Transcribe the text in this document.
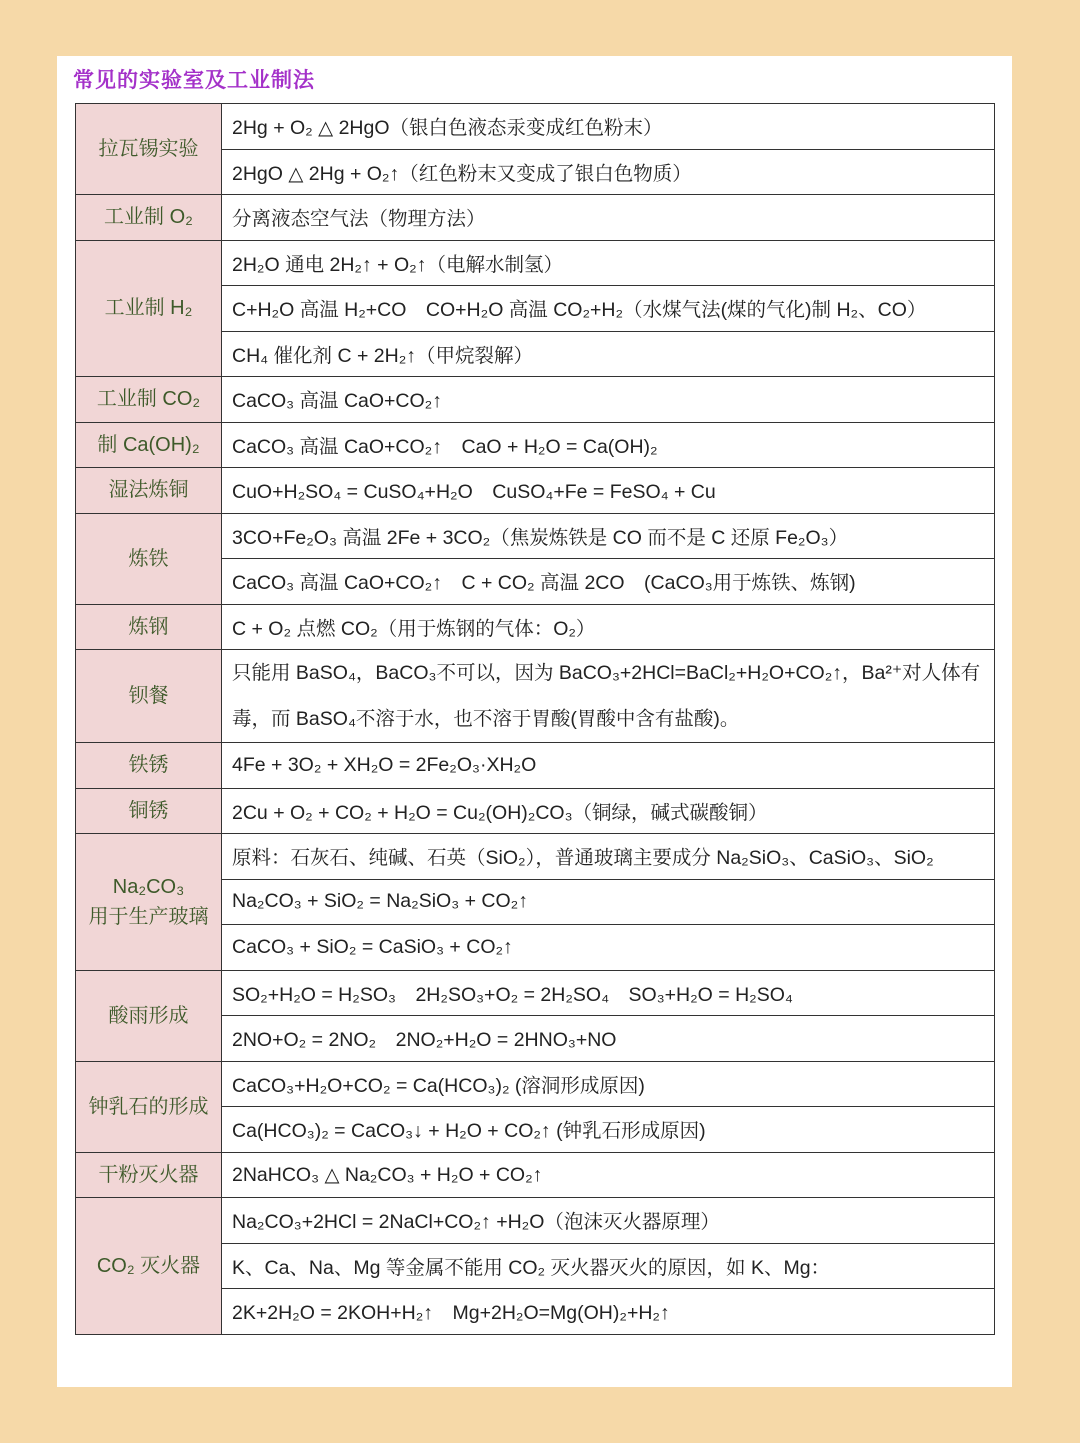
常见的实验室及工业制法
拉瓦锡实验	2Hg + O₂ △ 2HgO（银白色液态汞变成红色粉末）
	2HgO △ 2Hg + O₂↑（红色粉末又变成了银白色物质）

工业制 O₂	分离液态空气法（物理方法）

工业制 H₂	2H₂O 通电 2H₂↑ + O₂↑（电解水制氢）
	C+H₂O 高温 H₂+CO　CO+H₂O 高温 CO₂+H₂（水煤气法(煤的气化)制 H₂、CO）
	CH₄ 催化剂 C + 2H₂↑（甲烷裂解）

工业制 CO₂	CaCO₃ 高温 CaO+CO₂↑

制 Ca(OH)₂	CaCO₃ 高温 CaO+CO₂↑　CaO + H₂O = Ca(OH)₂

湿法炼铜	CuO+H₂SO₄ = CuSO₄+H₂O　CuSO₄+Fe = FeSO₄ + Cu

炼铁	3CO+Fe₂O₃ 高温 2Fe + 3CO₂（焦炭炼铁是 CO 而不是 C 还原 Fe₂O₃）
	CaCO₃ 高温 CaO+CO₂↑　C + CO₂ 高温 2CO　(CaCO₃用于炼铁、炼钢)

炼钢	C + O₂ 点燃 CO₂（用于炼钢的气体：O₂）

钡餐	只能用 BaSO₄，BaCO₃不可以，因为 BaCO₃+2HCl=BaCl₂+H₂O+CO₂↑，Ba²⁺对人体有毒，而 BaSO₄不溶于水，也不溶于胃酸(胃酸中含有盐酸)。

铁锈	4Fe + 3O₂ + XH₂O = 2Fe₂O₃·XH₂O

铜锈	2Cu + O₂ + CO₂ + H₂O = Cu₂(OH)₂CO₃（铜绿，碱式碳酸铜）

Na₂CO₃
用于生产玻璃	原料：石灰石、纯碱、石英（SiO₂），普通玻璃主要成分 Na₂SiO₃、CaSiO₃、SiO₂
	Na₂CO₃ + SiO₂ = Na₂SiO₃ + CO₂↑
	CaCO₃ + SiO₂ = CaSiO₃ + CO₂↑

酸雨形成	SO₂+H₂O = H₂SO₃　2H₂SO₃+O₂ = 2H₂SO₄　SO₃+H₂O = H₂SO₄
	2NO+O₂ = 2NO₂　2NO₂+H₂O = 2HNO₃+NO

钟乳石的形成	CaCO₃+H₂O+CO₂ = Ca(HCO₃)₂ (溶洞形成原因)
	Ca(HCO₃)₂ = CaCO₃↓ + H₂O + CO₂↑ (钟乳石形成原因)

干粉灭火器	2NaHCO₃ △ Na₂CO₃ + H₂O + CO₂↑

CO₂ 灭火器	Na₂CO₃+2HCl = 2NaCl+CO₂↑ +H₂O（泡沫灭火器原理）
	K、Ca、Na、Mg 等金属不能用 CO₂ 灭火器灭火的原因，如 K、Mg：
	2K+2H₂O = 2KOH+H₂↑　Mg+2H₂O=Mg(OH)₂+H₂↑
